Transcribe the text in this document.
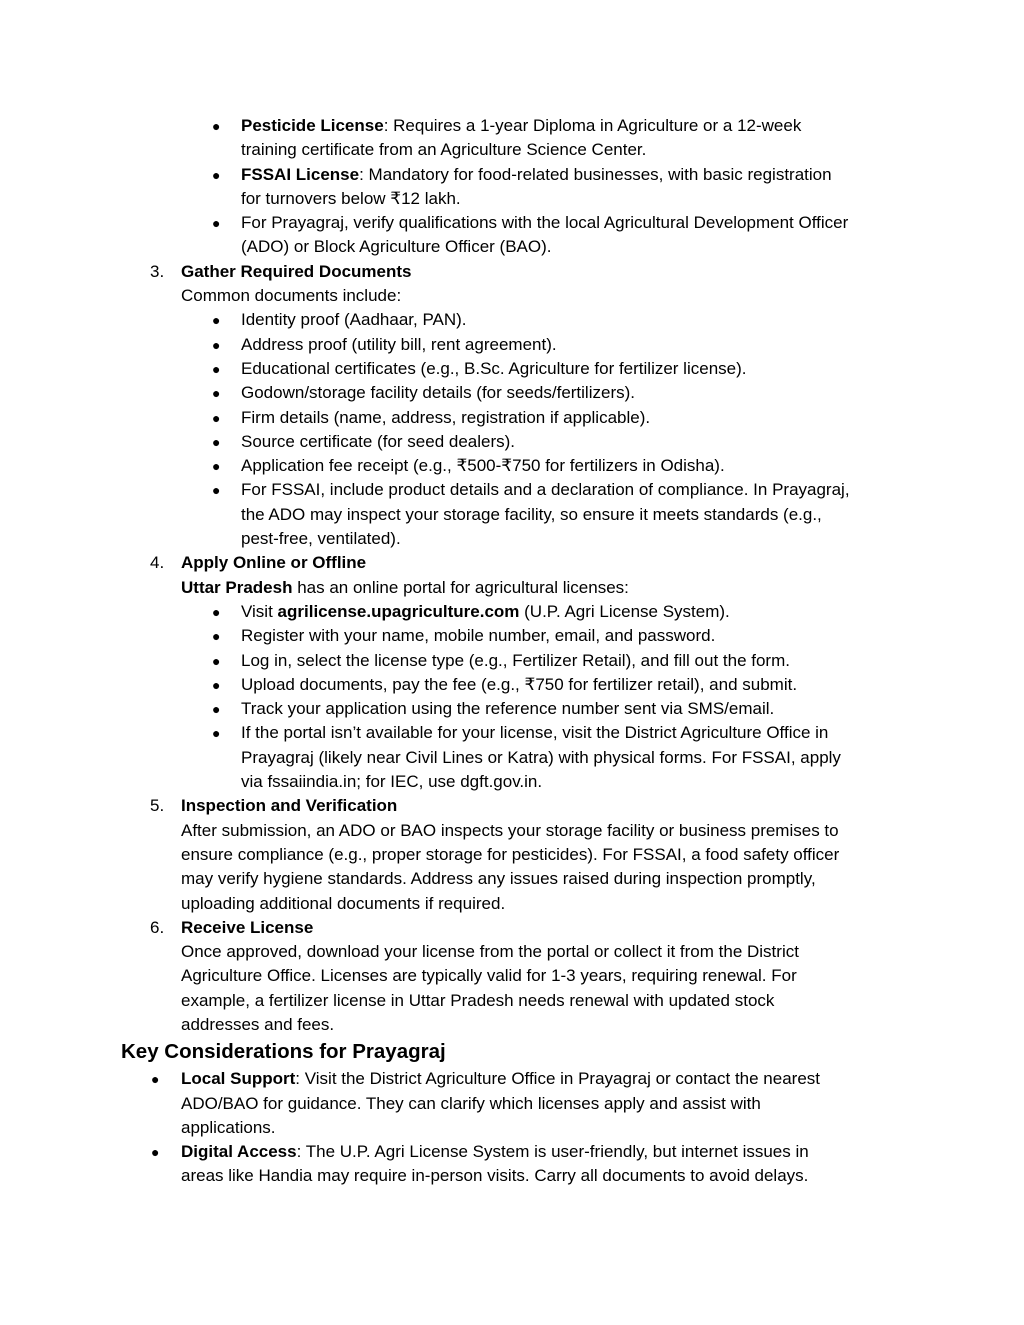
● Pesticide License: Requires a 1-year Diploma in Agriculture or a 12-week
training certificate from an Agriculture Science Center.
● FSSAI License: Mandatory for food-related businesses, with basic registration
for turnovers below ₹12 lakh.
● For Prayagraj, verify qualifications with the local Agricultural Development Officer
(ADO) or Block Agriculture Officer (BAO).
3. Gather Required Documents
Common documents include:
● Identity proof (Aadhaar, PAN).
● Address proof (utility bill, rent agreement).
● Educational certificates (e.g., B.Sc. Agriculture for fertilizer license).
● Godown/storage facility details (for seeds/fertilizers).
● Firm details (name, address, registration if applicable).
● Source certificate (for seed dealers).
● Application fee receipt (e.g., ₹500-₹750 for fertilizers in Odisha).
● For FSSAI, include product details and a declaration of compliance. In Prayagraj,
the ADO may inspect your storage facility, so ensure it meets standards (e.g.,
pest-free, ventilated).
4. Apply Online or Offline
Uttar Pradesh has an online portal for agricultural licenses:
● Visit agrilicense.upagriculture.com (U.P. Agri License System).
● Register with your name, mobile number, email, and password.
● Log in, select the license type (e.g., Fertilizer Retail), and fill out the form.
● Upload documents, pay the fee (e.g., ₹750 for fertilizer retail), and submit.
● Track your application using the reference number sent via SMS/email.
● If the portal isn’t available for your license, visit the District Agriculture Office in
Prayagraj (likely near Civil Lines or Katra) with physical forms. For FSSAI, apply
via fssaiindia.in; for IEC, use dgft.gov.in.
5. Inspection and Verification
After submission, an ADO or BAO inspects your storage facility or business premises to
ensure compliance (e.g., proper storage for pesticides). For FSSAI, a food safety officer
may verify hygiene standards. Address any issues raised during inspection promptly,
uploading additional documents if required.
6. Receive License
Once approved, download your license from the portal or collect it from the District
Agriculture Office. Licenses are typically valid for 1-3 years, requiring renewal. For
example, a fertilizer license in Uttar Pradesh needs renewal with updated stock
addresses and fees.
Key Considerations for Prayagraj
● Local Support: Visit the District Agriculture Office in Prayagraj or contact the nearest
ADO/BAO for guidance. They can clarify which licenses apply and assist with
applications.
● Digital Access: The U.P. Agri License System is user-friendly, but internet issues in
areas like Handia may require in-person visits. Carry all documents to avoid delays.
